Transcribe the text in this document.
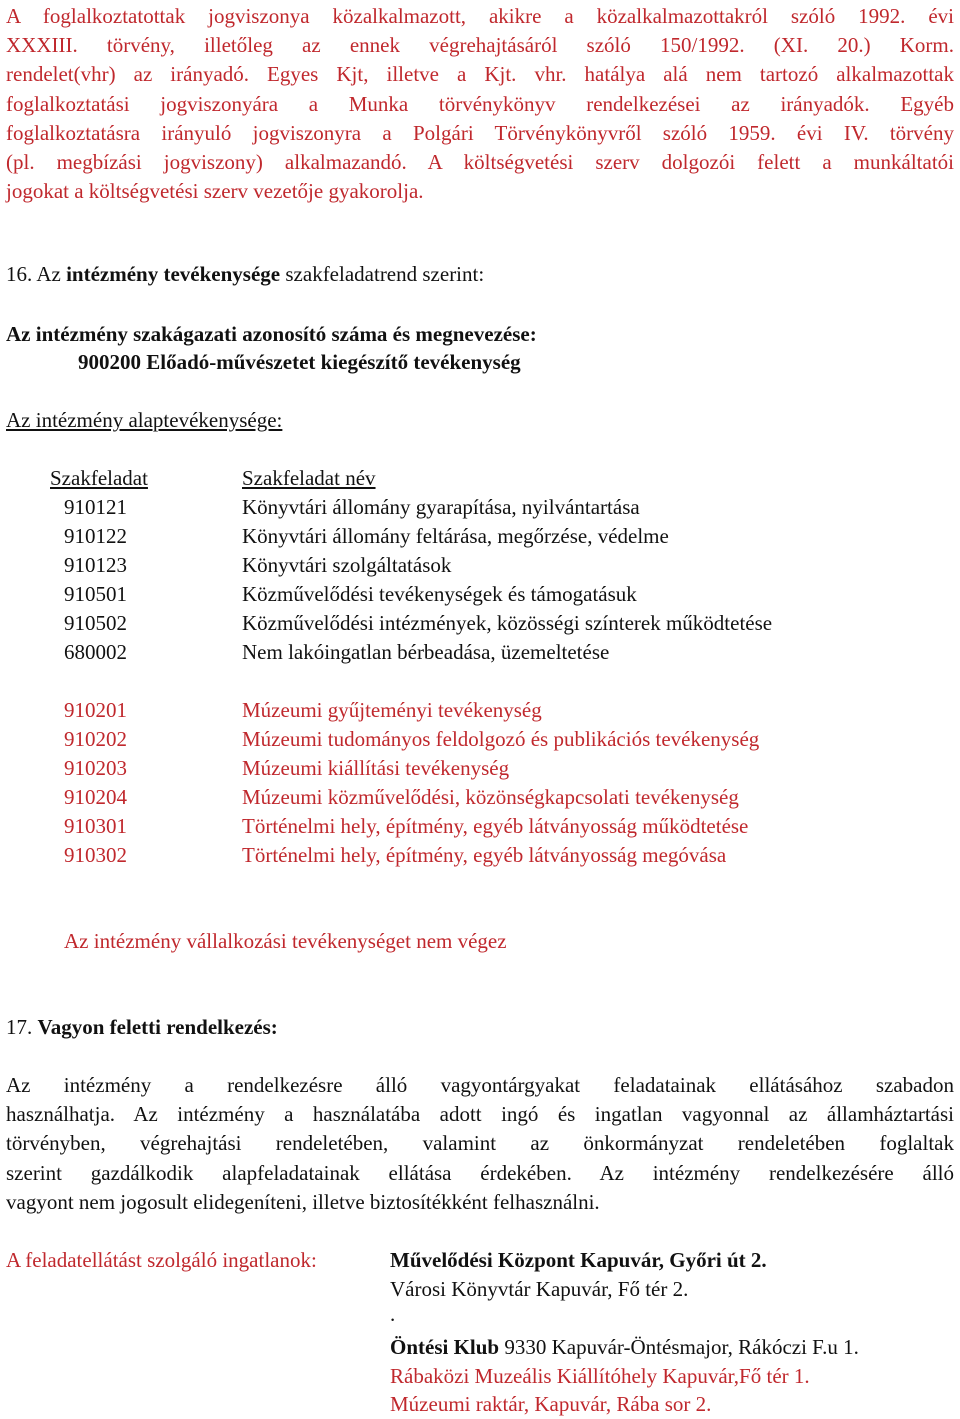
A foglalkoztatottak jogviszonya közalkalmazott, akikre a közalkalmazottakról szóló 1992. évi
XXXIII. törvény, illetőleg az ennek végrehajtásáról szóló 150/1992. (XI. 20.) Korm.
rendelet(vhr) az irányadó. Egyes Kjt, illetve a Kjt. vhr. hatálya alá nem tartozó alkalmazottak
foglalkoztatási jogviszonyára a Munka törvénykönyv rendelkezései az irányadók. Egyéb
foglalkoztatásra irányuló jogviszonyra a Polgári Törvénykönyvről szóló 1959. évi IV. törvény
(pl. megbízási jogviszony) alkalmazandó. A költségvetési szerv dolgozói felett a munkáltatói
jogokat a költségvetési szerv vezetője gyakorolja.
16. Az intézmény tevékenysége szakfeladatrend szerint:
Az intézmény szakágazati azonosító száma és megnevezése:
900200 Előadó-művészetet kiegészítő tevékenység
Az intézmény alaptevékenysége:
Szakfeladat	Szakfeladat név
910121	Könyvtári állomány gyarapítása, nyilvántartása
910122	Könyvtári állomány feltárása, megőrzése, védelme
910123	Könyvtári szolgáltatások
910501	Közművelődési tevékenységek és támogatásuk
910502	Közművelődési intézmények, közösségi színterek működtetése
680002	Nem lakóingatlan bérbeadása, üzemeltetése
910201	Múzeumi gyűjteményi tevékenység
910202	Múzeumi tudományos feldolgozó és publikációs tevékenység
910203	Múzeumi kiállítási tevékenység
910204	Múzeumi közművelődési, közönségkapcsolati tevékenység
910301	Történelmi hely, építmény, egyéb látványosság működtetése
910302	Történelmi hely, építmény, egyéb látványosság megóvása
Az intézmény vállalkozási tevékenységet nem végez
17. Vagyon feletti rendelkezés:
Az intézmény a rendelkezésre álló vagyontárgyakat feladatainak ellátásához szabadon
használhatja. Az intézmény a használatába adott ingó és ingatlan vagyonnal az államháztartási
törvényben, végrehajtási rendeletében, valamint az önkormányzat rendeletében foglaltak
szerint gazdálkodik alapfeladatainak ellátása érdekében. Az intézmény rendelkezésére álló
vagyont nem jogosult elidegeníteni, illetve biztosítékként felhasználni.
A feladatellátást szolgáló ingatlanok:	Művelődési Központ Kapuvár, Győri út 2.
Városi Könyvtár Kapuvár, Fő tér 2.
.
Öntési Klub 9330 Kapuvár-Öntésmajor, Rákóczi F.u 1.
Rábaközi Muzeális Kiállítóhely Kapuvár,Fő tér 1.
Múzeumi raktár, Kapuvár, Rába sor 2.
